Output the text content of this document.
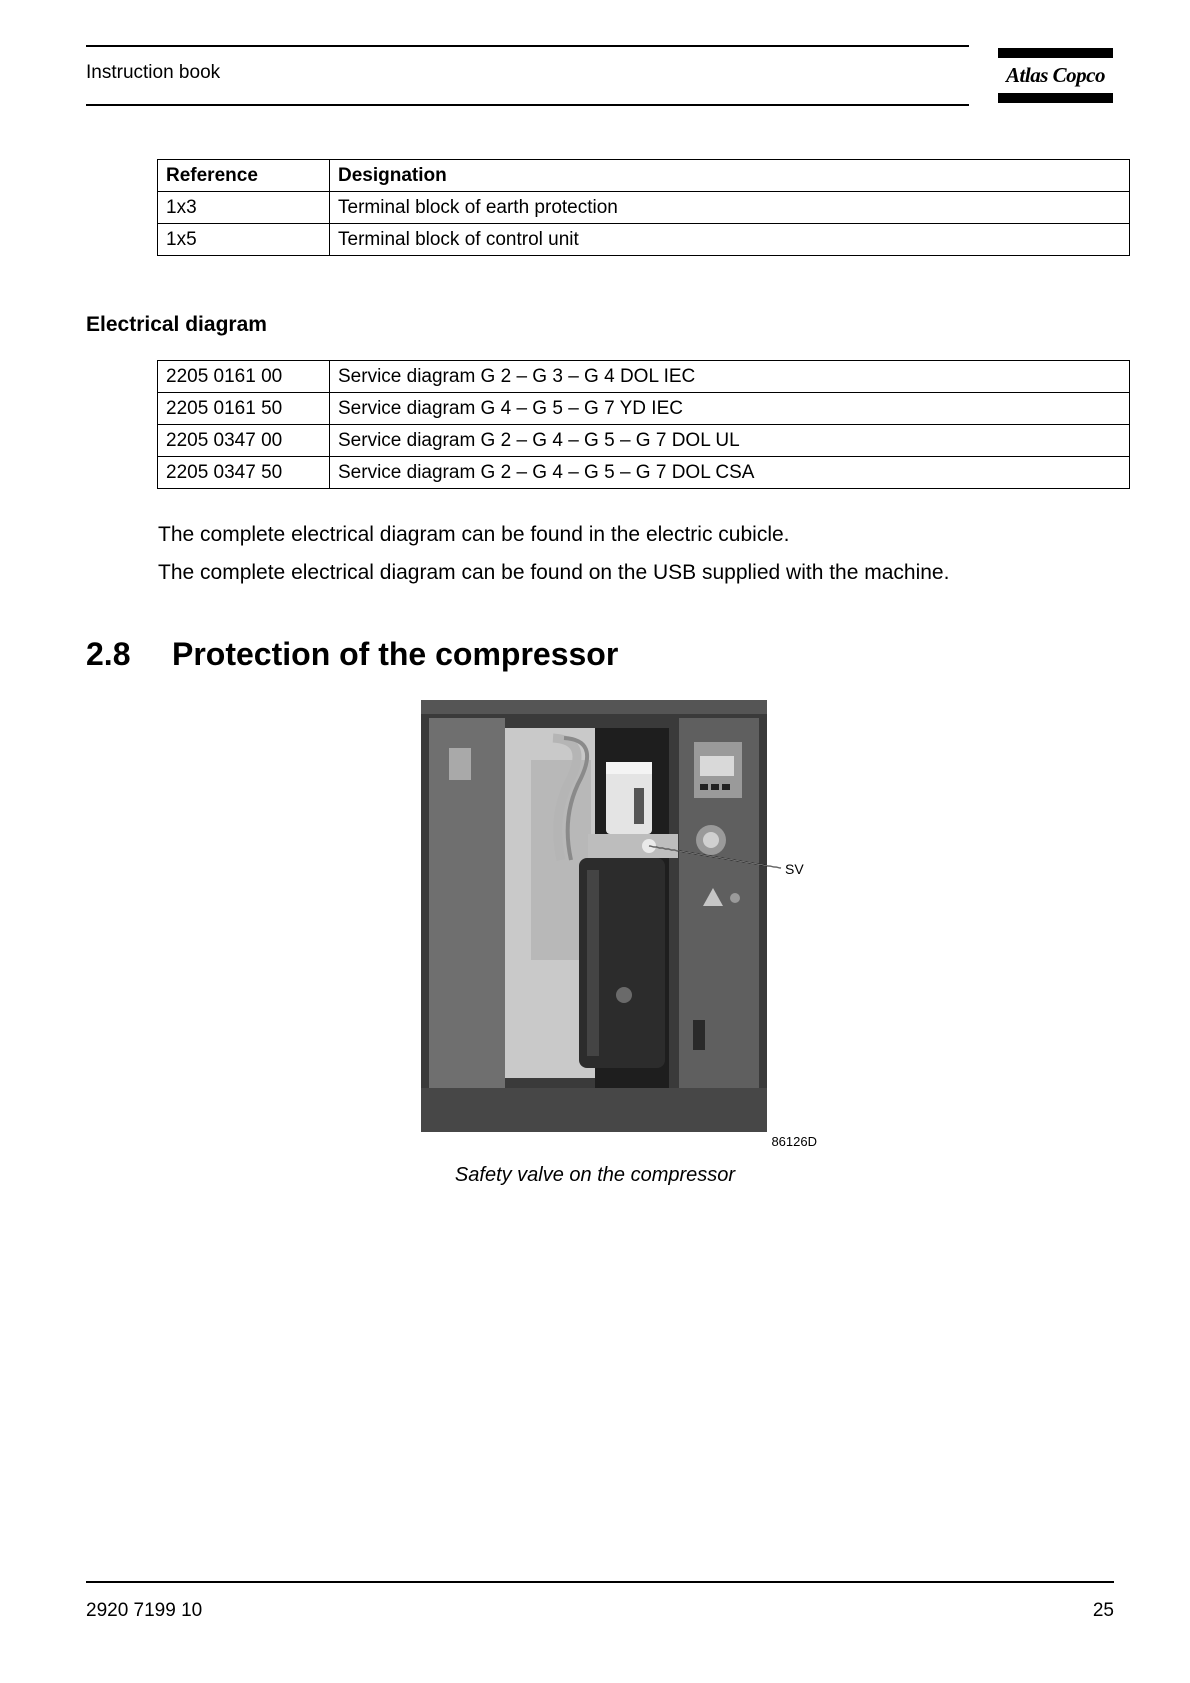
Instruction book	Atlas Copco
Reference	Designation
1x3	Terminal block of earth protection
1x5	Terminal block of control unit
Electrical diagram
2205 0161 00	Service diagram G 2 – G 3 – G 4 DOL IEC
2205 0161 50	Service diagram G 4 – G 5 – G 7 YD IEC
2205 0347 00	Service diagram G 2 – G 4 – G 5 – G 7 DOL UL
2205 0347 50	Service diagram G 2 – G 4 – G 5 – G 7 DOL CSA
The complete electrical diagram can be found in the electric cubicle.
The complete electrical diagram can be found on the USB supplied with the machine.
2.8 Protection of the compressor
SV
86126D
Safety valve on the compressor
2920 7199 10	25
